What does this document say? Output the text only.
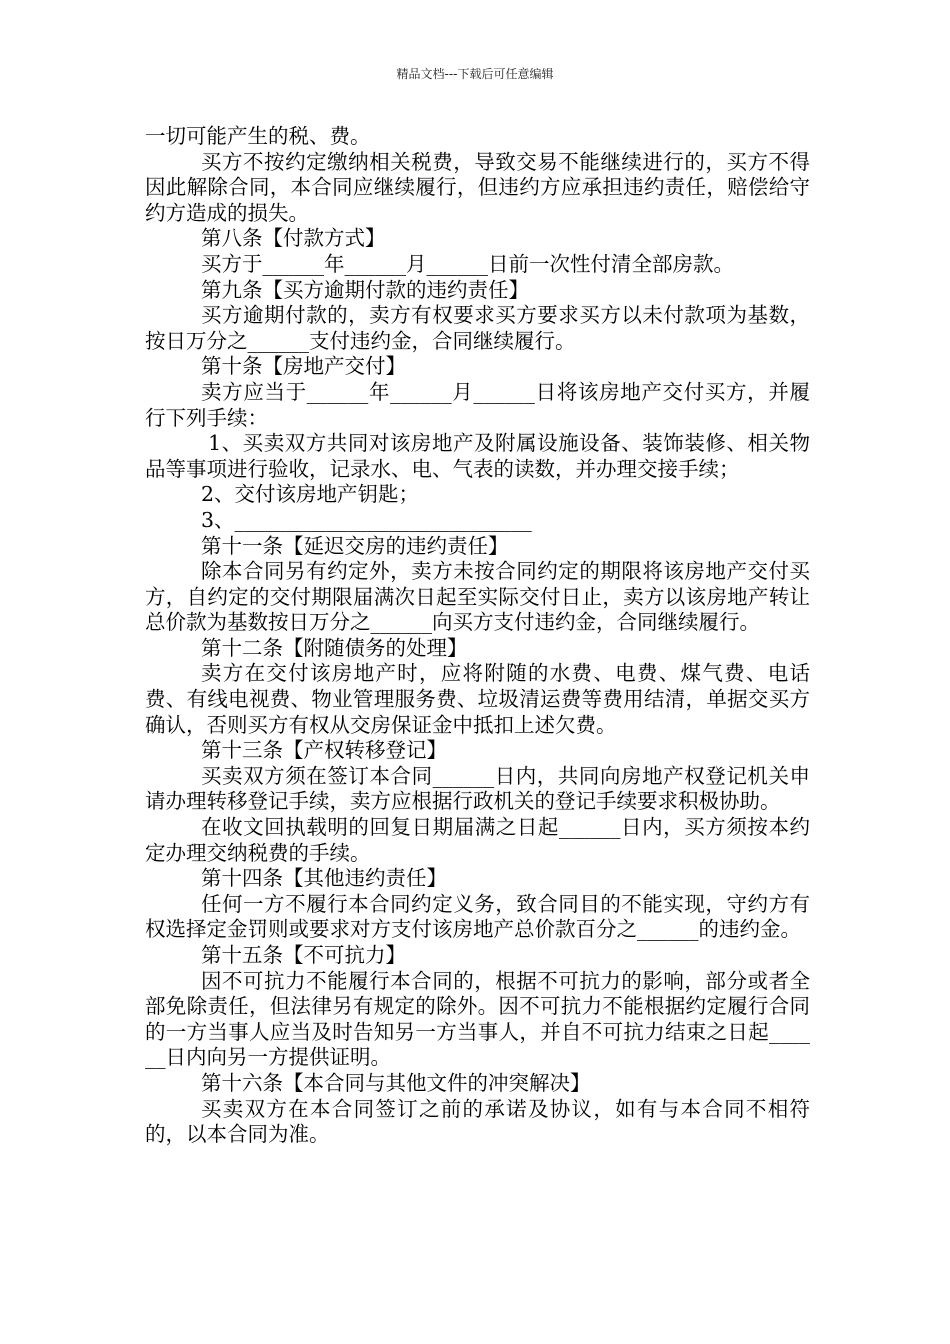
精品文档---下载后可任意编辑

一切可能产生的税、费。

买方不按约定缴纳相关税费，导致交易不能继续进行的，买方不得因此解除合同，本合同应继续履行，但违约方应承担违约责任，赔偿给守约方造成的损失。

第八条【付款方式】

买方于______年______月______日前一次性付清全部房款。

第九条【买方逾期付款的违约责任】

买方逾期付款的，卖方有权要求买方要求买方以未付款项为基数，按日万分之______支付违约金，合同继续履行。

第十条【房地产交付】

卖方应当于______年______月______日将该房地产交付买方，并履行下列手续：

1、买卖双方共同对该房地产及附属设施设备、装饰装修、相关物品等事项进行验收，记录水、电、气表的读数，并办理交接手续；

2、交付该房地产钥匙；

3、_____________________________

第十一条【延迟交房的违约责任】

除本合同另有约定外，卖方未按合同约定的期限将该房地产交付买方，自约定的交付期限届满次日起至实际交付日止，卖方以该房地产转让总价款为基数按日万分之______向买方支付违约金，合同继续履行。

第十二条【附随债务的处理】

卖方在交付该房地产时，应将附随的水费、电费、煤气费、电话费、有线电视费、物业管理服务费、垃圾清运费等费用结清，单据交买方确认，否则买方有权从交房保证金中抵扣上述欠费。

第十三条【产权转移登记】

买卖双方须在签订本合同______日内，共同向房地产权登记机关申请办理转移登记手续，卖方应根据行政机关的登记手续要求积极协助。

在收文回执载明的回复日期届满之日起______日内，买方须按本约定办理交纳税费的手续。

第十四条【其他违约责任】

任何一方不履行本合同约定义务，致合同目的不能实现，守约方有权选择定金罚则或要求对方支付该房地产总价款百分之______的违约金。

第十五条【不可抗力】

因不可抗力不能履行本合同的，根据不可抗力的影响，部分或者全部免除责任，但法律另有规定的除外。因不可抗力不能根据约定履行合同的一方当事人应当及时告知另一方当事人，并自不可抗力结束之日起______日内向另一方提供证明。

第十六条【本合同与其他文件的冲突解决】

买卖双方在本合同签订之前的承诺及协议，如有与本合同不相符的，以本合同为准。
